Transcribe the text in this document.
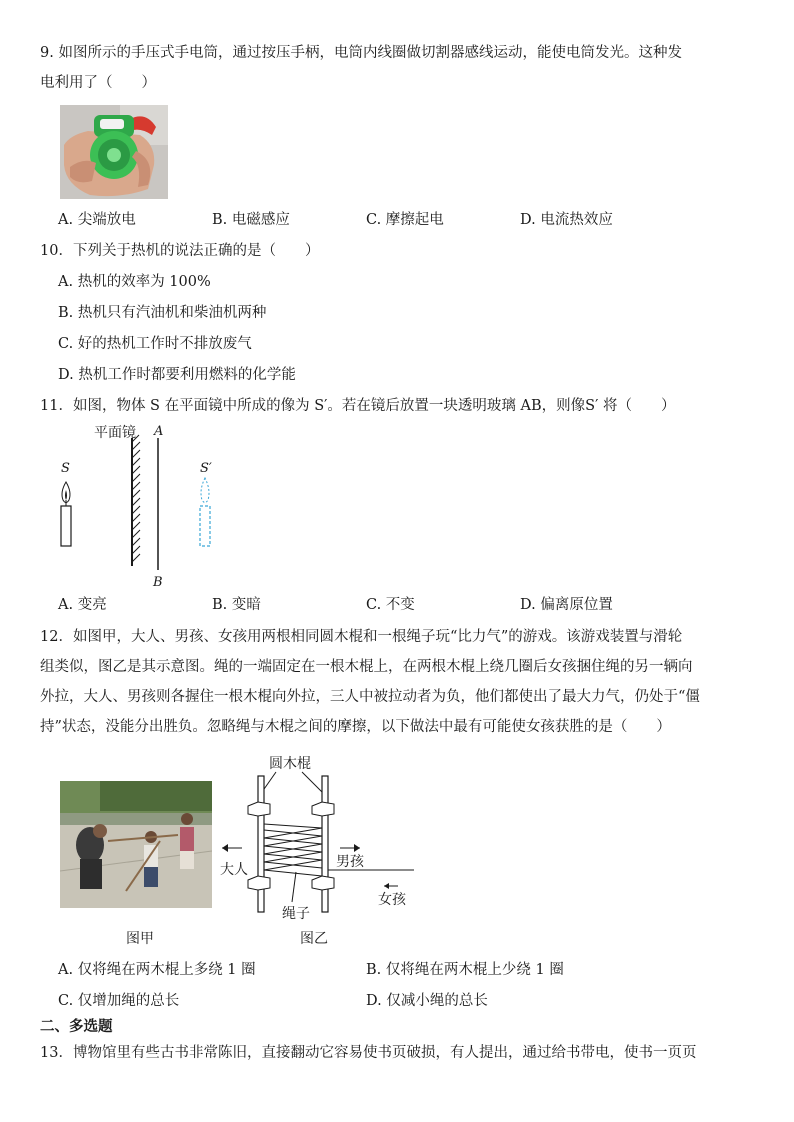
9. 如图所示的手压式手电筒，通过按压手柄，电筒内线圈做切割器感线运动，能使电筒发光。这种发
电利用了（　　）
A. 尖端放电	B. 电磁感应	C. 摩擦起电	D. 电流热效应
10．下列关于热机的说法正确的是（　　）
A. 热机的效率为 100%
B. 热机只有汽油机和柴油机两种
C. 好的热机工作时不排放废气
D. 热机工作时都要利用燃料的化学能
11．如图，物体 S 在平面镜中所成的像为 S′。若在镜后放置一块透明玻璃 AB，则像S′ 将（　　）
平面镜 A
B
S	S′
A. 变亮	B. 变暗	C. 不变	D. 偏离原位置
12．如图甲，大人、男孩、女孩用两根相同圆木棍和一根绳子玩“比力气”的游戏。该游戏装置与滑轮
组类似，图乙是其示意图。绳的一端固定在一根木棍上，在两根木棍上绕几圈后女孩捆住绳的另一辆向
外拉，大人、男孩则各握住一根木棍向外拉，三人中被拉动者为负，他们都使出了最大力气，仍处于“僵
持”状态，没能分出胜负。忽略绳与木棍之间的摩擦，以下做法中最有可能使女孩获胜的是（　　）
图甲
圆木棍
大人	男孩
女孩
绳子
图乙
A. 仅将绳在两木棍上多绕 1 圈	B. 仅将绳在两木棍上少绕 1 圈
C. 仅增加绳的总长	D. 仅减小绳的总长
二、多选题
13．博物馆里有些古书非常陈旧，直接翻动它容易使书页破损，有人提出，通过给书带电，使书一页页
